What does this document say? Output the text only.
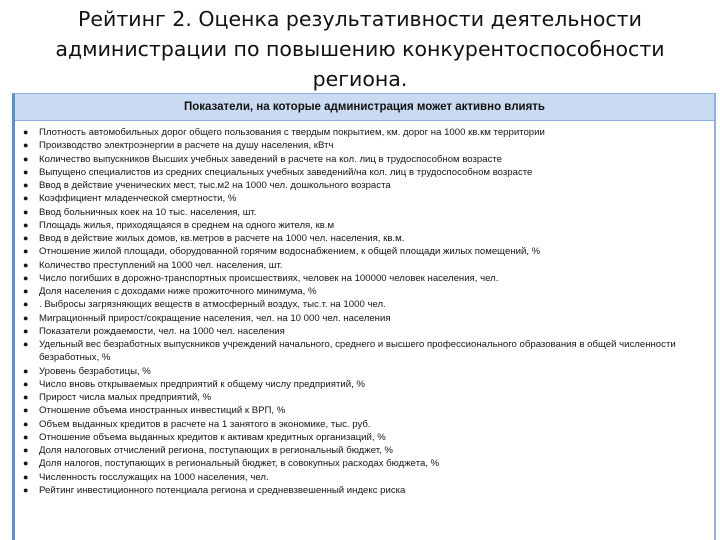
Рейтинг 2. Оценка результативности деятельности
администрации по повышению конкурентоспособности
региона.
Показатели, на которые администрация может активно влиять
● Плотность автомобильных дорог общего пользования с твердым покрытием, км. дорог на 1000 кв.км территории
● Производство электроэнергии в расчете на душу населения, кВтч
● Количество выпускников Высших учебных заведений в расчете на кол. лиц в трудоспособном возрасте
● Выпущено специалистов из средних специальных учебных заведений/на кол. лиц в трудоспособном возрасте
● Ввод в действие ученических мест, тыс.м2 на 1000 чел. дошкольного возраста
● Коэффициент младенческой смертности, %
● Ввод больничных коек на 10 тыс. населения, шт.
● Площадь жилья, приходящаяся в среднем на одного жителя, кв.м
● Ввод в действие жилых домов, кв.метров в расчете на 1000 чел. населения, кв.м.
● Отношение жилой площади, оборудованной горячим водоснабжением, к общей площади жилых помещений, %
● Количество преступлений на 1000 чел. населения, шт.
● Число погибших в дорожно-транспортных происшествиях, человек на 100000 человек населения, чел.
● Доля населения с доходами ниже прожиточного минимума, %
● . Выбросы загрязняющих веществ в атмосферный воздух, тыс.т. на 1000 чел.
● Миграционный прирост/сокращение населения, чел. на 10 000 чел. населения
● Показатели рождаемости, чел. на 1000 чел. населения
● Удельный вес безработных выпускников учреждений начального, среднего и высшего профессионального образования в общей численности безработных, %
● Уровень безработицы, %
● Число вновь открываемых предприятий к общему числу предприятий, %
● Прирост числа малых предприятий, %
● Отношение объема иностранных инвестиций к ВРП, %
● Объем выданных кредитов в расчете на 1 занятого в экономике, тыс. руб.
● Отношение объема выданных кредитов к активам кредитных организаций, %
● Доля налоговых отчислений региона, поступающих в региональный бюджет, %
● Доля налогов, поступающих в региональный бюджет, в совокупных расходах бюджета, %
● Численность госслужащих на 1000 населения, чел.
● Рейтинг инвестиционного потенциала региона и средневзвешенный индекс риска
